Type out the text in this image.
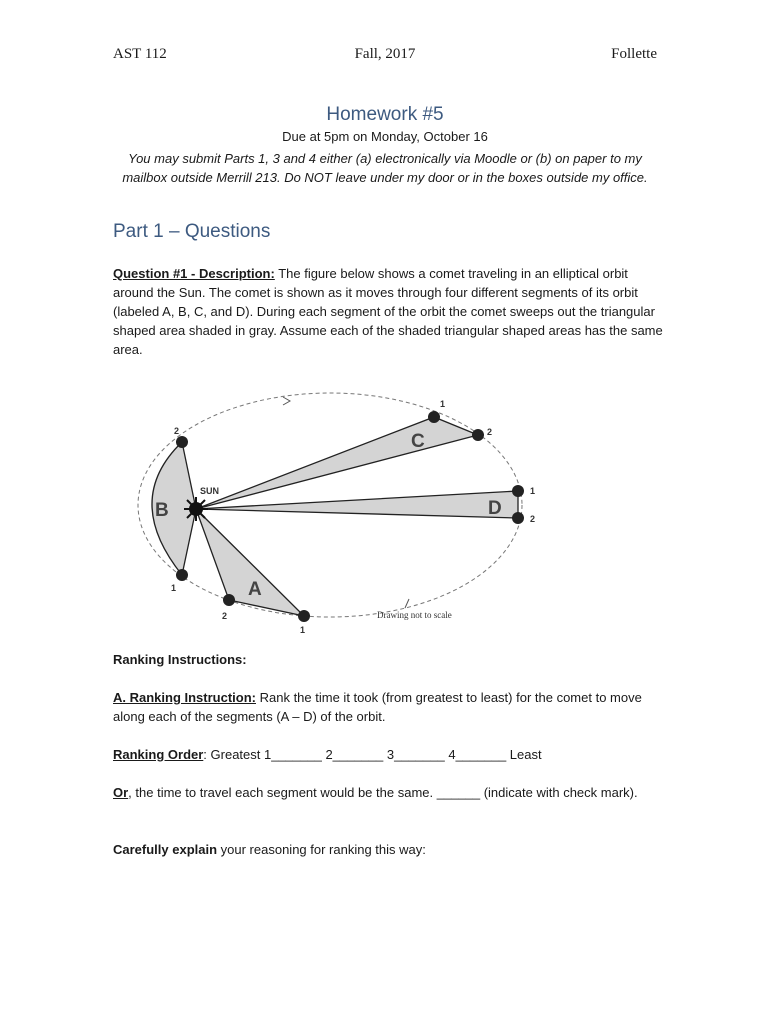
AST 112	Fall, 2017	Follette
Homework #5
Due at 5pm on Monday, October 16
You may submit Parts 1, 3 and 4 either (a) electronically via Moodle or (b) on paper to my mailbox outside Merrill 213. Do NOT leave under my door or in the boxes outside my office.
Part 1 – Questions
Question #1 - Description: The figure below shows a comet traveling in an elliptical orbit around the Sun. The comet is shown as it moves through four different segments of its orbit (labeled A, B, C, and D). During each segment of the orbit the comet sweeps out the triangular shaped area shaded in gray. Assume each of the shaded triangular shaped areas has the same area.
SUN
B
C
D
A
2
1
1
2
1
2
2
1
Drawing not to scale
Ranking Instructions:
A. Ranking Instruction: Rank the time it took (from greatest to least) for the comet to move along each of the segments (A – D) of the orbit.
Ranking Order: Greatest 1_______ 2_______ 3_______ 4_______ Least
Or, the time to travel each segment would be the same. ______ (indicate with check mark).
Carefully explain your reasoning for ranking this way:
